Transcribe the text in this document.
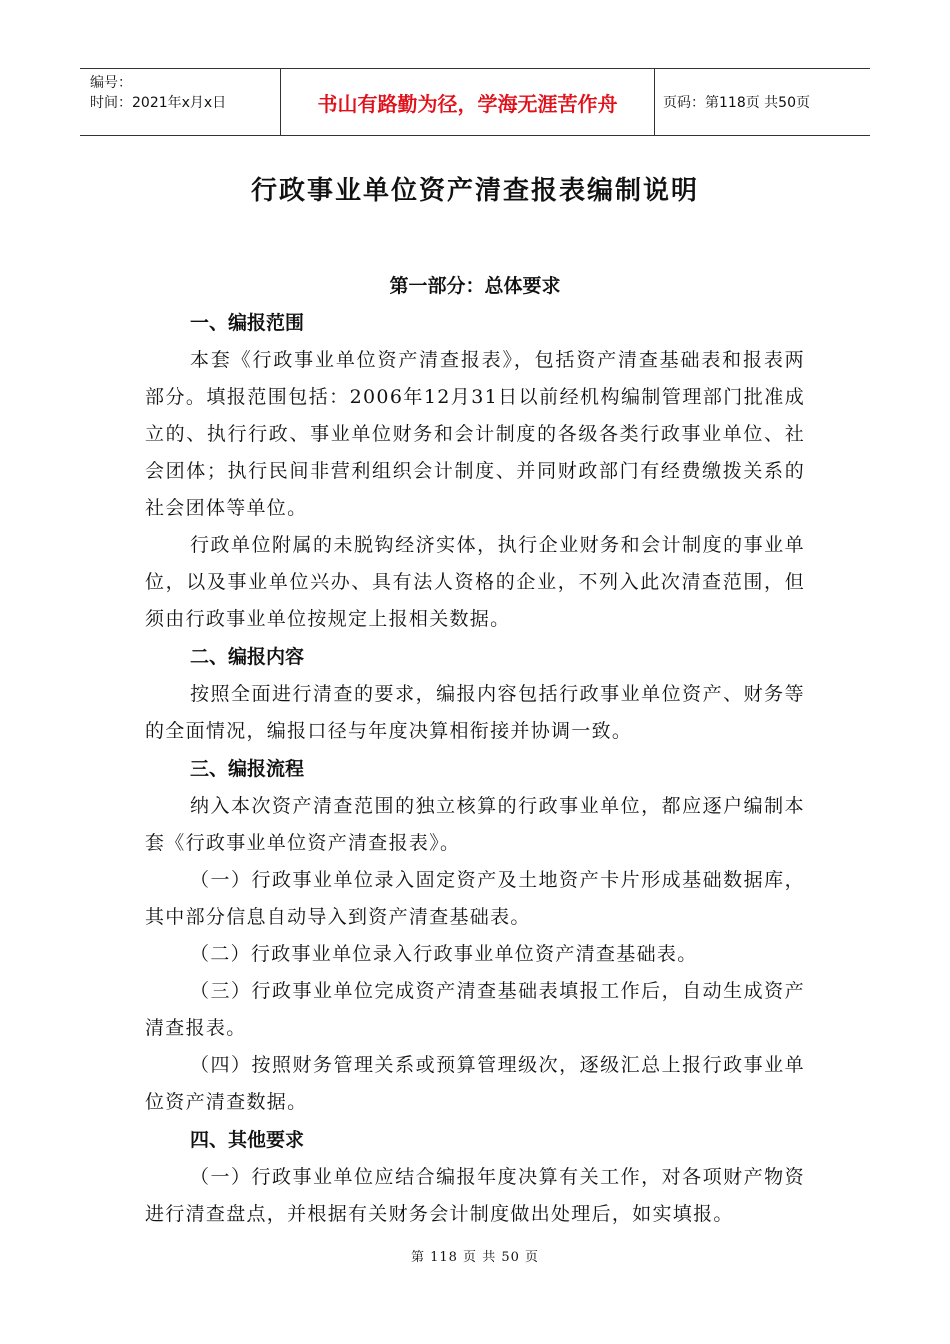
编号：
时间：2021年x月x日	书山有路勤为径，学海无涯苦作舟	页码：第118页 共50页
行政事业单位资产清查报表编制说明
第一部分：总体要求
一、编报范围

本套《行政事业单位资产清查报表》，包括资产清查基础表和报表两部分。填报范围包括：2006年12月31日以前经机构编制管理部门批准成立的、执行行政、事业单位财务和会计制度的各级各类行政事业单位、社会团体；执行民间非营利组织会计制度、并同财政部门有经费缴拨关系的社会团体等单位。

行政单位附属的未脱钩经济实体，执行企业财务和会计制度的事业单位，以及事业单位兴办、具有法人资格的企业，不列入此次清查范围，但须由行政事业单位按规定上报相关数据。

二、编报内容

按照全面进行清查的要求，编报内容包括行政事业单位资产、财务等的全面情况，编报口径与年度决算相衔接并协调一致。

三、编报流程

纳入本次资产清查范围的独立核算的行政事业单位，都应逐户编制本套《行政事业单位资产清查报表》。

（一）行政事业单位录入固定资产及土地资产卡片形成基础数据库，其中部分信息自动导入到资产清查基础表。

（二）行政事业单位录入行政事业单位资产清查基础表。

（三）行政事业单位完成资产清查基础表填报工作后，自动生成资产清查报表。

（四）按照财务管理关系或预算管理级次，逐级汇总上报行政事业单位资产清查数据。

四、其他要求

（一）行政事业单位应结合编报年度决算有关工作，对各项财产物资进行清查盘点，并根据有关财务会计制度做出处理后，如实填报。

第 118 页 共 50 页
